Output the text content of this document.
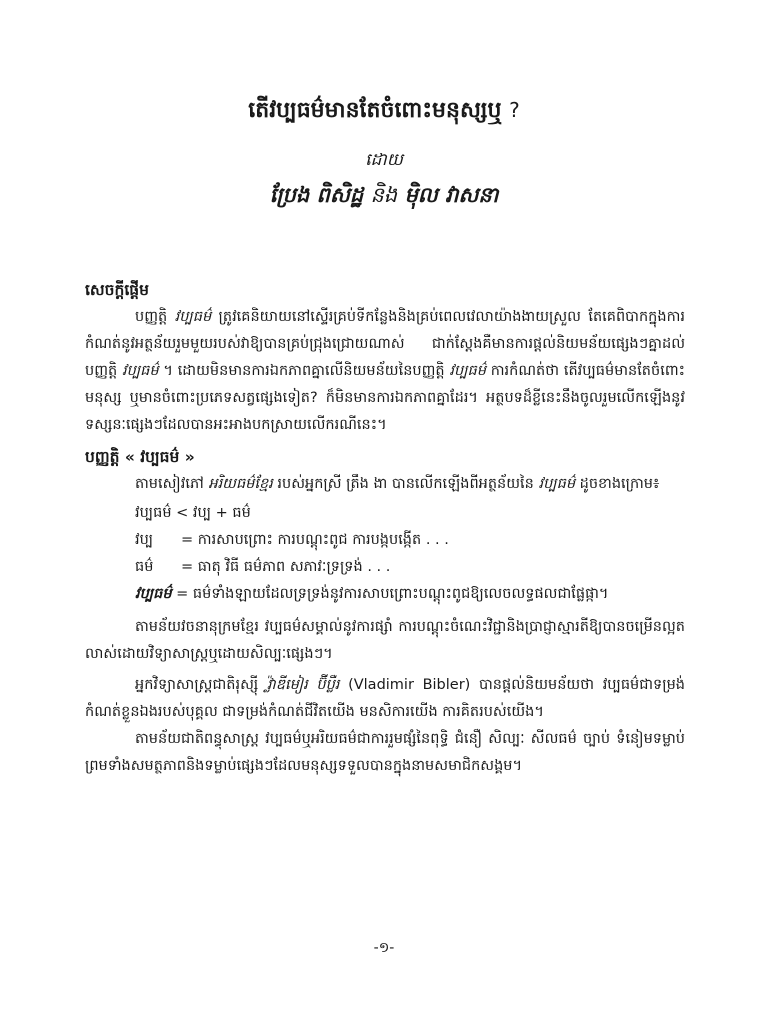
តើវប្បធម៌មានតែចំពោះមនុស្សឬ ?
ដោយ
ប្រែង ពិសិដ្ឋ និង ម៉ិល វាសនា

សេចក្តីផ្តើម

បញ្ញត្តិ វប្បធម៌ ត្រូវគេនិយាយនៅស្ទើរគ្រប់ទីកន្លែងនិងគ្រប់ពេលវេលាយ៉ាងងាយស្រួល តែគេពិបាកក្នុងការកំណត់នូវអត្ថន័យរួមមួយរបស់វាឱ្យបានគ្រប់ជ្រុងជ្រោយណាស់ ជាក់ស្តែងគឺមានការផ្តល់និយមន័យផ្សេងៗគ្នាដល់បញ្ញត្តិ វប្បធម៌ ។ ដោយមិនមានការឯកភាពគ្នាលើនិយមន័យនៃបញ្ញត្តិ វប្បធម៌ ការកំណត់ថា តើវប្បធម៌មានតែចំពោះមនុស្ស ឬមានចំពោះប្រភេទសត្វផ្សេងទៀត? ក៏មិនមានការឯកភាពគ្នាដែរ។ អត្ថបទដ៏ខ្លីនេះនឹងចូលរួមលើកឡើងនូវទស្សនៈផ្សេងៗដែលបានអះអាងបកស្រាយលើករណីនេះ។

បញ្ញត្តិ « វប្បធម៌ »

តាមសៀវភៅ អរិយធម៌ខ្មែរ របស់អ្នកស្រី ត្រឹង ងា បានលើកឡើងពីអត្ថន័យនៃ វប្បធម៌ ដូចខាងក្រោម៖

វប្បធម៌ < វប្ប + ធម៌
វប្ប	= ការសាបព្រោះ ការបណ្តុះពូជ ការបង្កបង្កើត . . .
ធម៌	= ធាតុ វិធី ធម៌ភាព សភាវៈទ្រទ្រង់ . . .
វប្បធម៌ = ធម៌ទាំងឡាយដែលទ្រទ្រង់នូវការសាបព្រោះបណ្តុះពូជឱ្យលេចលទ្ធផលជាផ្លែផ្កា។

តាមន័យវចនានុក្រមខ្មែរ វប្បធម៌សម្គាល់នូវការផ្សាំ ការបណ្តុះចំណេះវិជ្ជានិងប្រាជ្ញាស្មារតីឱ្យបានចម្រើនល្អតលាស់ដោយវិទ្យាសាស្ត្រឬដោយសិល្បៈផ្សេងៗ។

អ្នកវិទ្យាសាស្ត្រជាតិរុស្ស៊ី វ្ល៉ាឌីមៀរ ប៊ីប្លឺរ (Vladimir Bibler) បានផ្តល់និយមន័យថា វប្បធម៌ជាទម្រង់កំណត់ខ្លួនឯងរបស់បុគ្គល ជាទម្រង់កំណត់ជីវិតយើង មនសិការយើង ការគិតរបស់យើង។

តាមន័យជាតិពន្ធុសាស្ត្រ វប្បធម៌ឬអរិយធម៌ជាការរួមផ្សំនៃពុទ្ធិ ជំនឿ សិល្បៈ សីលធម៌ ច្បាប់ ទំនៀមទម្លាប់ ព្រមទាំងសមត្ថភាពនិងទម្លាប់ផ្សេងៗដែលមនុស្សទទួលបានក្នុងនាមសមាជិកសង្គម។

-១-
